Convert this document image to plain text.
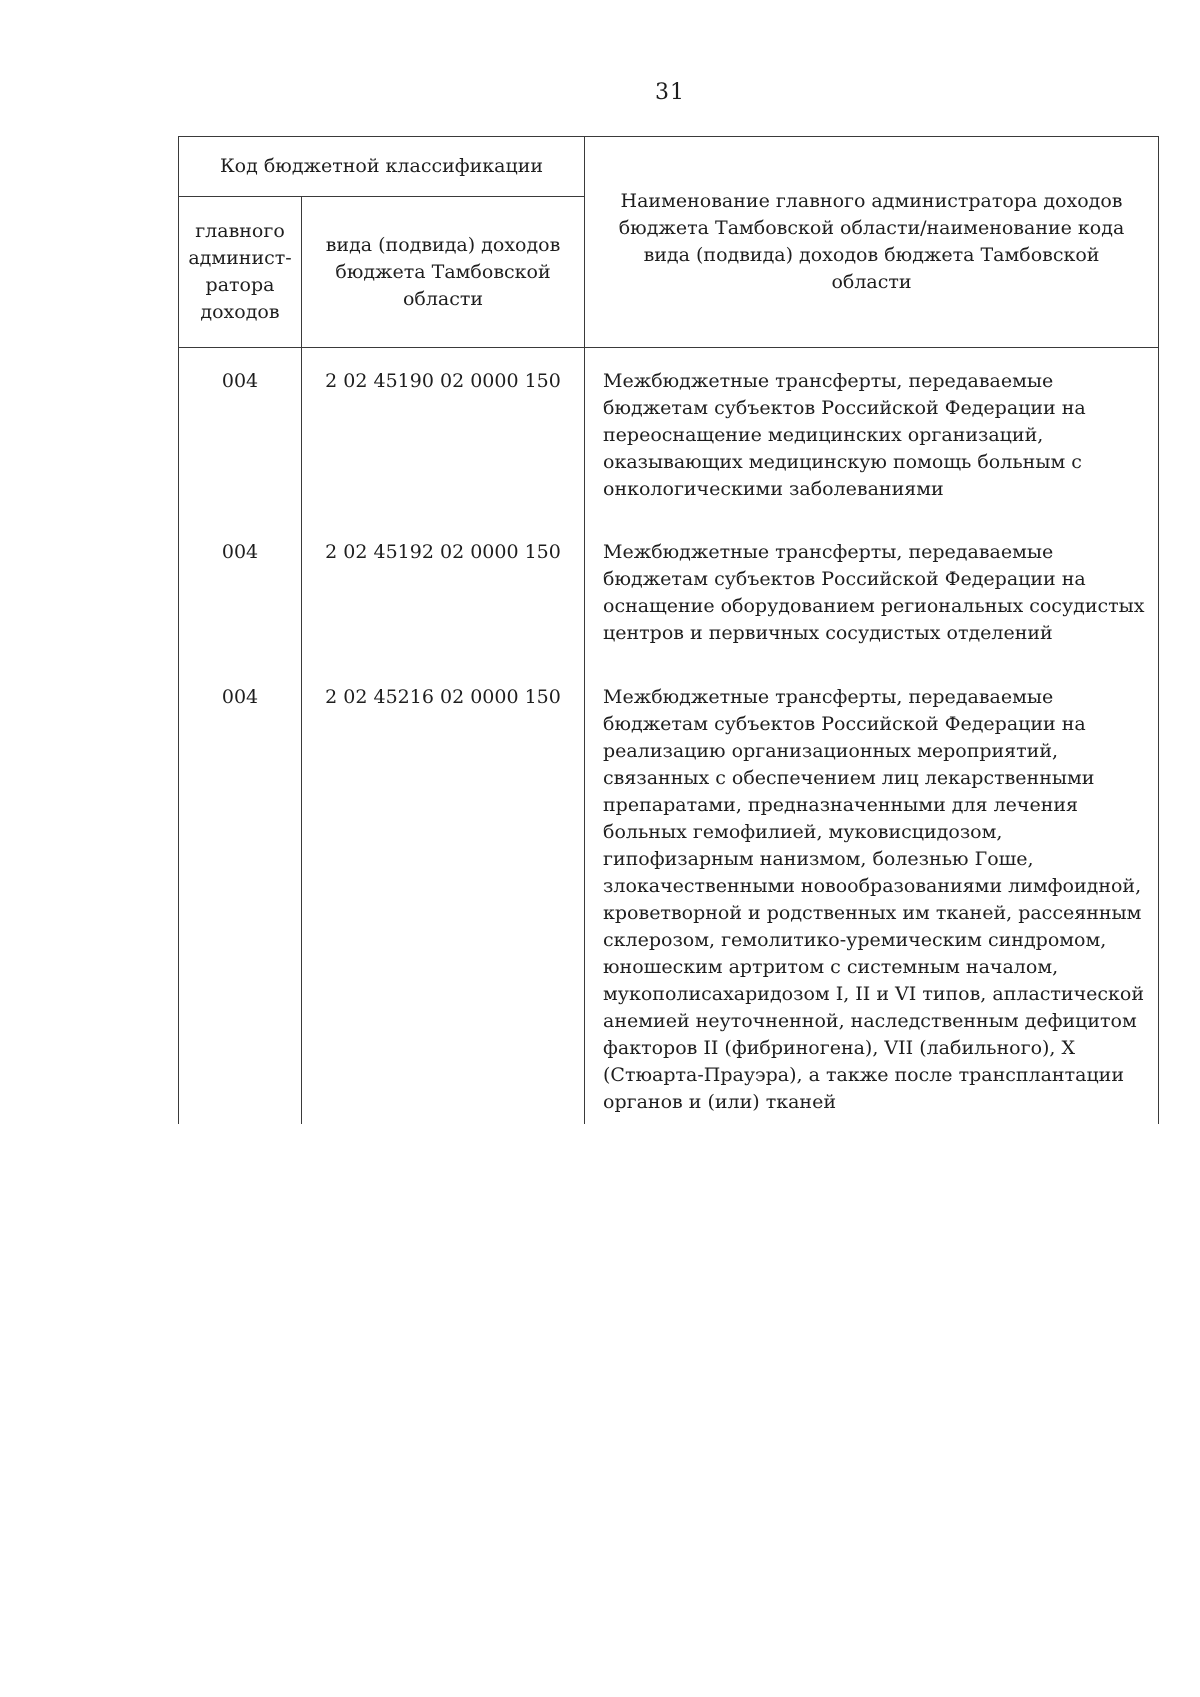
31
Код бюджетной классификации		Наименование главного администратора доходов бюджета Тамбовской области/наименование кода вида (подвида) доходов бюджета Тамбовской области
главного админист-ратора доходов	вида (подвида) доходов бюджета Тамбовской области	
004	2 02 45190 02 0000 150	Межбюджетные трансферты, передаваемые бюджетам субъектов Российской Федерации на переоснащение медицинских организаций, оказывающих медицинскую помощь больным с онкологическими заболеваниями
004	2 02 45192 02 0000 150	Межбюджетные трансферты, передаваемые бюджетам субъектов Российской Федерации на оснащение оборудованием региональных сосудистых центров и первичных сосудистых отделений
004	2 02 45216 02 0000 150	Межбюджетные трансферты, передаваемые бюджетам субъектов Российской Федерации на реализацию организационных мероприятий, связанных с обеспечением лиц лекарственными препаратами, предназначенными для лечения больных гемофилией, муковисцидозом, гипофизарным нанизмом, болезнью Гоше, злокачественными новообразованиями лимфоидной, кроветворной и родственных им тканей, рассеянным склерозом, гемолитико-уремическим синдромом, юношеским артритом с системным началом, мукополисахаридозом I, II и VI типов, апластической анемией неуточненной, наследственным дефицитом факторов II (фибриногена), VII (лабильного), X (Стюарта-Прауэра), а также после трансплантации органов и (или) тканей
